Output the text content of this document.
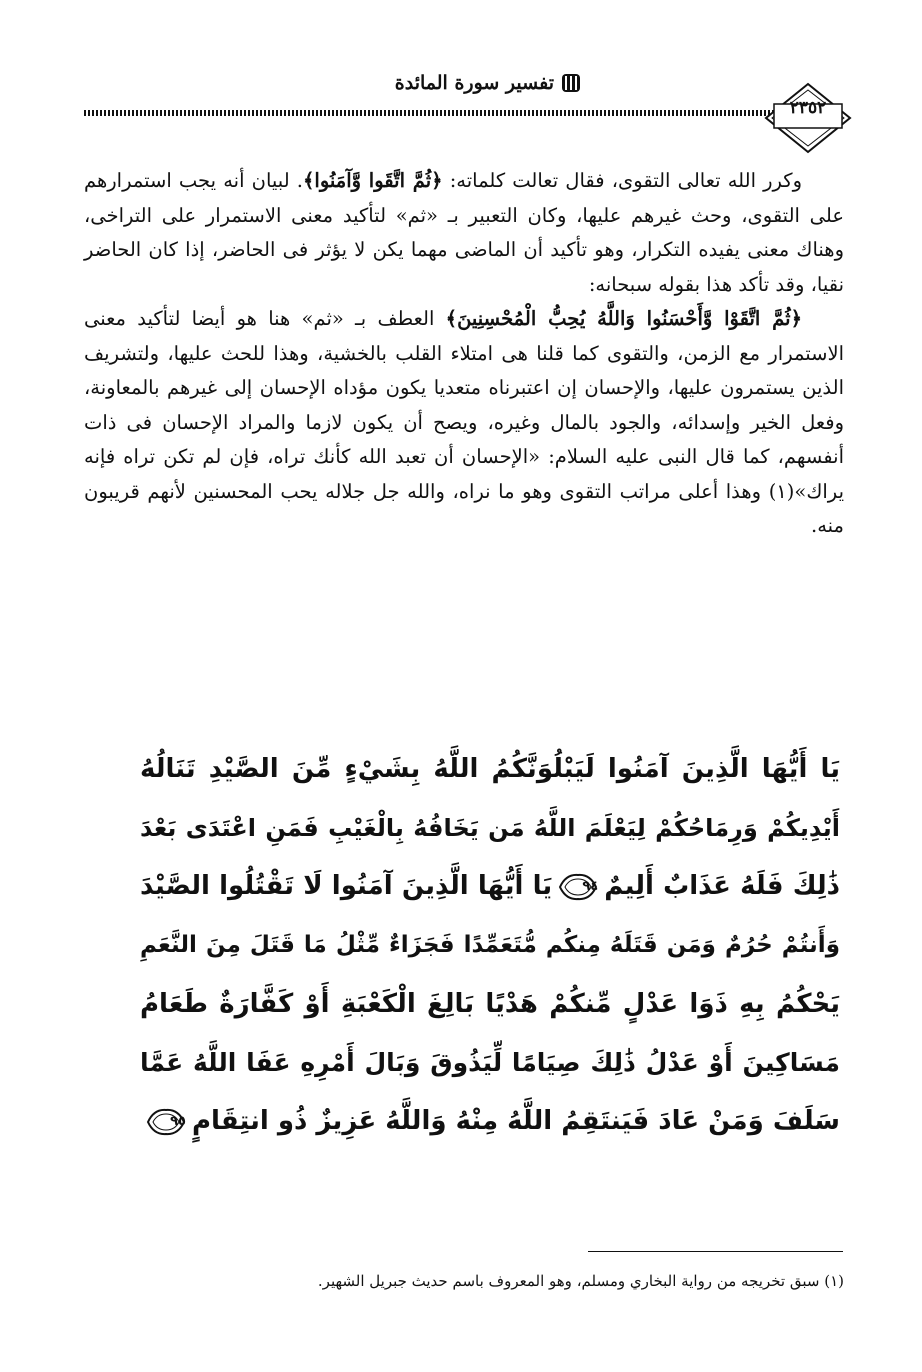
تفسير سورة المائدة
٢٣٥٢

وكرر الله تعالى التقوى، فقال تعالت كلماته: ﴿ثُمَّ اتَّقَوا وَّآمَنُوا﴾. لبيان أنه يجب استمرارهم على التقوى، وحث غيرهم عليها، وكان التعبير بـ «ثم» لتأكيد معنى الاستمرار على التراخى، وهناك معنى يفيده التكرار، وهو تأكيد أن الماضى مهما يكن لا يؤثر فى الحاضر، إذا كان الحاضر نقيا، وقد تأكد هذا بقوله سبحانه:

﴿ثُمَّ اتَّقَوْا وَّأَحْسَنُوا وَاللَّهُ يُحِبُّ الْمُحْسِنِينَ﴾ العطف بـ «ثم» هنا هو أيضا لتأكيد معنى الاستمرار مع الزمن، والتقوى كما قلنا هى امتلاء القلب بالخشية، وهذا للحث عليها، ولتشريف الذين يستمرون عليها، والإحسان إن اعتبرناه متعديا يكون مؤداه الإحسان إلى غيرهم بالمعاونة، وفعل الخير وإسدائه، والجود بالمال وغيره، ويصح أن يكون لازما والمراد الإحسان فى ذات أنفسهم، كما قال النبى عليه السلام: «الإحسان أن تعبد الله كأنك تراه، فإن لم تكن تراه فإنه يراك»(١) وهذا أعلى مراتب التقوى وهو ما نراه، والله جل جلاله يحب المحسنين لأنهم قريبون منه.

يَا أَيُّهَا الَّذِينَ آمَنُوا لَيَبْلُوَنَّكُمُ اللَّهُ بِشَيْءٍ مِّنَ الصَّيْدِ تَنَالُهُ
أَيْدِيكُمْ وَرِمَاحُكُمْ لِيَعْلَمَ اللَّهُ مَن يَخَافُهُ بِالْغَيْبِ فَمَنِ اعْتَدَى بَعْدَ
ذَٰلِكَ فَلَهُ عَذَابٌ أَلِيمٌ
٩٤
يَا أَيُّهَا الَّذِينَ آمَنُوا لَا تَقْتُلُوا الصَّيْدَ
وَأَنتُمْ حُرُمٌ وَمَن قَتَلَهُ مِنكُم مُّتَعَمِّدًا فَجَزَاءٌ مِّثْلُ مَا قَتَلَ مِنَ النَّعَمِ
يَحْكُمُ بِهِ ذَوَا عَدْلٍ مِّنكُمْ هَدْيًا بَالِغَ الْكَعْبَةِ أَوْ كَفَّارَةٌ طَعَامُ
مَسَاكِينَ أَوْ عَدْلُ ذَٰلِكَ صِيَامًا لِّيَذُوقَ وَبَالَ أَمْرِهِ عَفَا اللَّهُ عَمَّا
سَلَفَ وَمَنْ عَادَ فَيَنتَقِمُ اللَّهُ مِنْهُ وَاللَّهُ عَزِيزٌ ذُو انتِقَامٍ
٩٥
(١) سبق تخريجه من رواية البخاري ومسلم، وهو المعروف باسم حديث جبريل الشهير.
